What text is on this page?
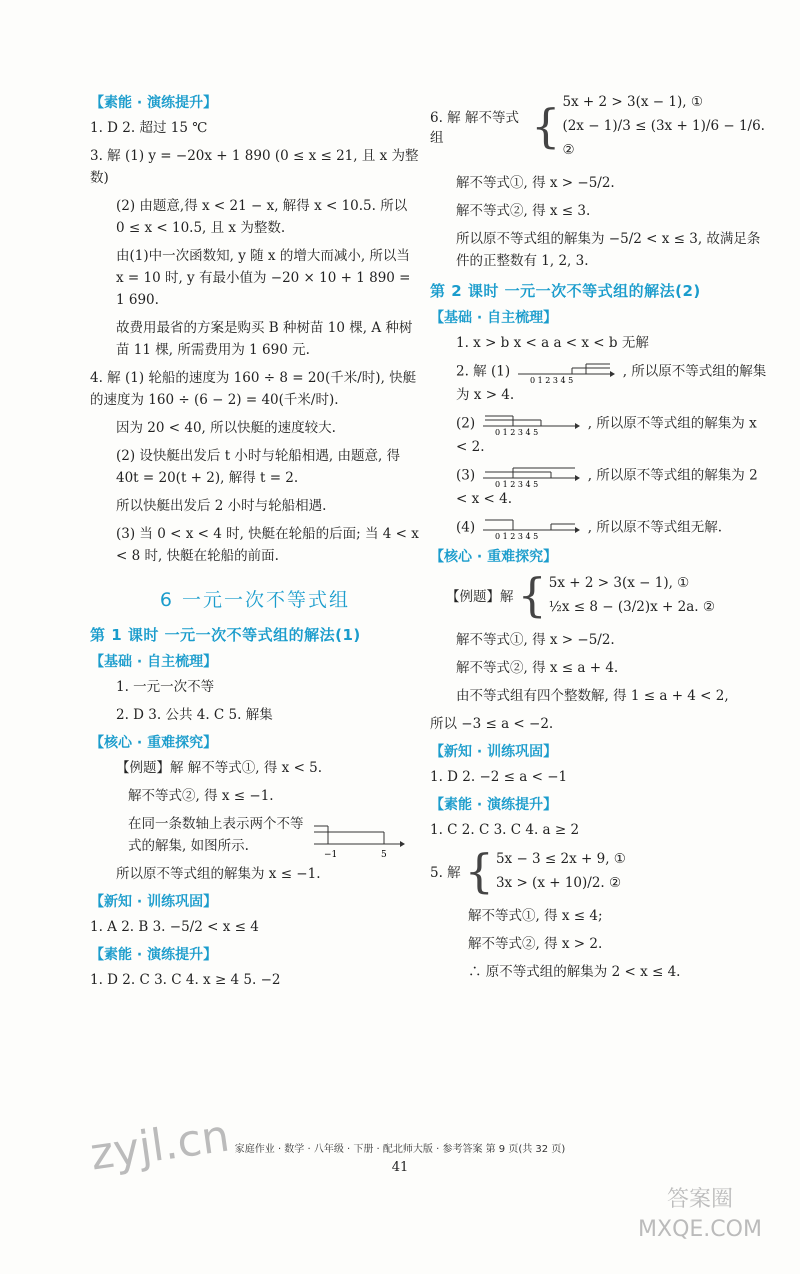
【素能 · 演练提升】

1. D 2. 超过 15 ℃

3. 解 (1) y = −20x + 1 890 (0 ≤ x ≤ 21, 且 x 为整数)

(2) 由题意,得 x < 21 − x, 解得 x < 10.5. 所以 0 ≤ x < 10.5, 且 x 为整数.

由(1)中一次函数知, y 随 x 的增大而减小, 所以当 x = 10 时, y 有最小值为 −20 × 10 + 1 890 = 1 690.

故费用最省的方案是购买 B 种树苗 10 棵, A 种树苗 11 棵, 所需费用为 1 690 元.

4. 解 (1) 轮船的速度为 160 ÷ 8 = 20(千米/时), 快艇的速度为 160 ÷ (6 − 2) = 40(千米/时).

因为 20 < 40, 所以快艇的速度较大.

(2) 设快艇出发后 t 小时与轮船相遇, 由题意, 得 40t = 20(t + 2), 解得 t = 2.

所以快艇出发后 2 小时与轮船相遇.

(3) 当 0 < x < 4 时, 快艇在轮船的后面; 当 4 < x < 8 时, 快艇在轮船的前面.

6 一元一次不等式组
第 1 课时 一元一次不等式组的解法(1)
【基础 · 自主梳理】

1. 一元一次不等

2. D 3. 公共 4. C 5. 解集

【核心 · 重难探究】

【例题】解 解不等式①, 得 x < 5.

解不等式②, 得 x ≤ −1.

在同一条数轴上表示两个不等式的解集, 如图所示.

−1	5

所以原不等式组的解集为 x ≤ −1.

【新知 · 训练巩固】

1. A 2. B 3. −5/2 < x ≤ 4

【素能 · 演练提升】

1. D 2. C 3. C 4. x ≥ 4 5. −2

6. 解 解不等式组	{ 5x + 2 > 3(x − 1), ①
(2x − 1)/3 ≤ (3x + 1)/6 − 1/6. ②

解不等式①, 得 x > −5/2.

解不等式②, 得 x ≤ 3.

所以原不等式组的解集为 −5/2 < x ≤ 3, 故满足条件的正整数有 1, 2, 3.

第 2 课时 一元一次不等式组的解法(2)
【基础 · 自主梳理】

1. x > b x < a a < x < b 无解

2. 解 (1)
0 1 2 3 4 5
, 所以原不等式组的解集为 x > 4.

(2)
0 1 2 3 4 5
, 所以原不等式组的解集为 x < 2.

(3)
0 1 2 3 4 5
, 所以原不等式组的解集为 2 < x < 4.

(4)
0 1 2 3 4 5
, 所以原不等式组无解.

【核心 · 重难探究】
【例题】解 { 5x + 2 > 3(x − 1), ①
½x ≤ 8 − (3/2)x + 2a. ②

解不等式①, 得 x > −5/2.

解不等式②, 得 x ≤ a + 4.

由不等式组有四个整数解, 得 1 ≤ a + 4 < 2,

所以 −3 ≤ a < −2.

【新知 · 训练巩固】

1. D 2. −2 ≤ a < −1

【素能 · 演练提升】

1. C 2. C 3. C 4. a ≥ 2

5. 解 { 5x − 3 ≤ 2x + 9, ①
3x > (x + 10)/2. ②

解不等式①, 得 x ≤ 4;

解不等式②, 得 x > 2.

∴ 原不等式组的解集为 2 < x ≤ 4.

家庭作业 · 数学 · 八年级 · 下册 · 配北师大版 · 参考答案 第 9 页(共 32 页)
41
zyjl.cn
答案圈 MXQE.COM
